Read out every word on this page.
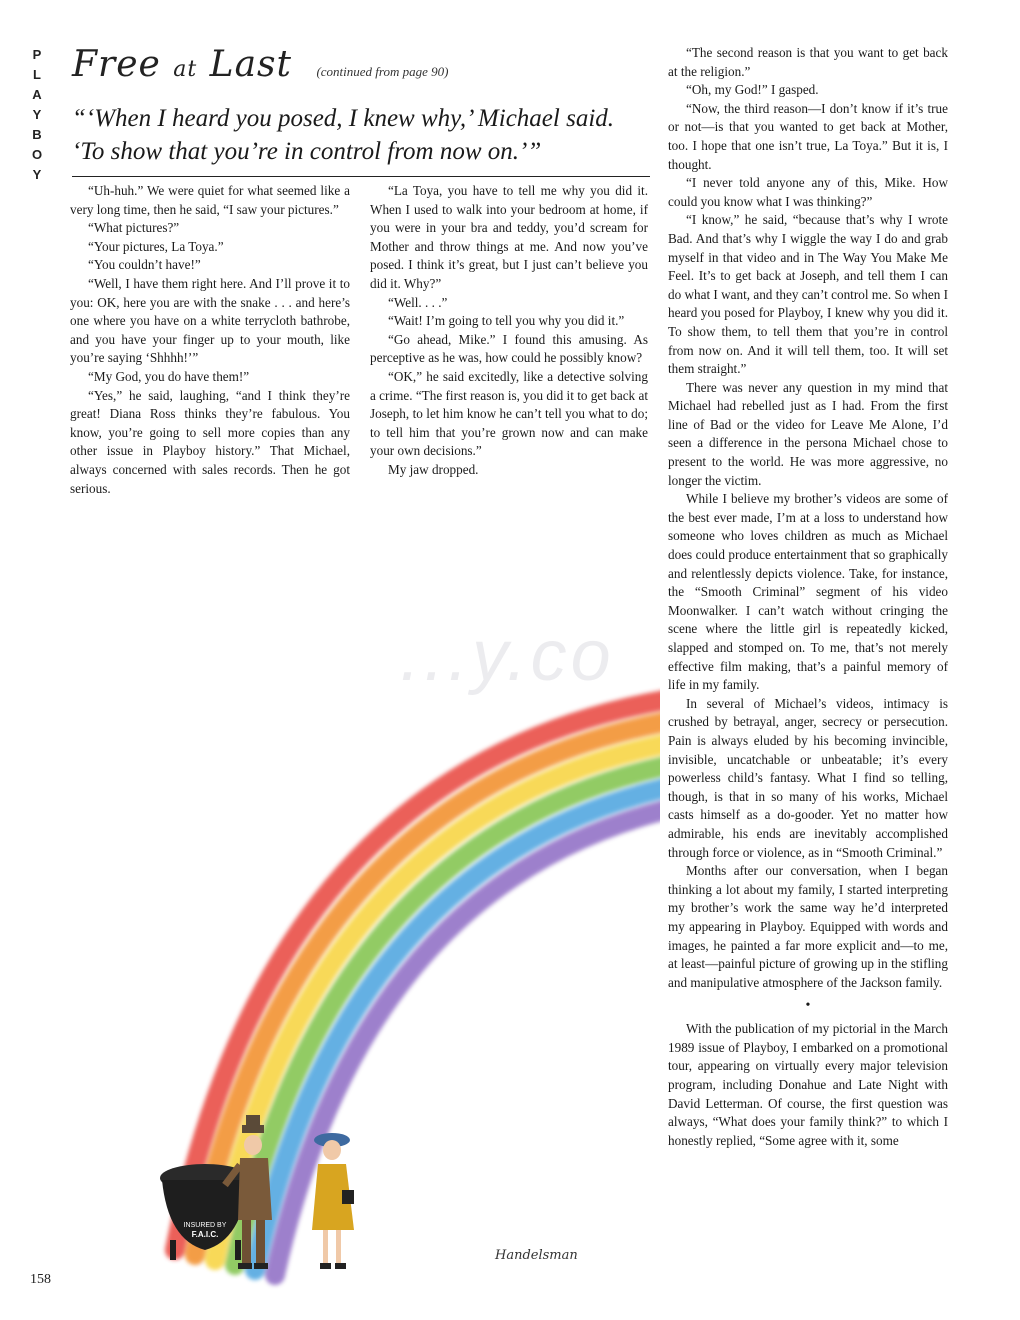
P
L
A
Y
B
O
Y
Free at Last (continued from page 90)
“‘When I heard you posed, I knew why,’ Michael said. ‘To show that you’re in control from now on.’”

“Uh-huh.” We were quiet for what seemed like a very long time, then he said, “I saw your pictures.”

“What pictures?”

“Your pictures, La Toya.”

“You couldn’t have!”

“Well, I have them right here. And I’ll prove it to you: OK, here you are with the snake . . . and here’s one where you have on a white terrycloth bathrobe, and you have your finger up to your mouth, like you’re saying ‘Shhhh!’”

“My God, you do have them!”

“Yes,” he said, laughing, “and I think they’re great! Diana Ross thinks they’re fabulous. You know, you’re going to sell more copies than any other issue in Playboy history.” That Michael, always concerned with sales records. Then he got serious.

“La Toya, you have to tell me why you did it. When I used to walk into your bedroom at home, if you were in your bra and teddy, you’d scream for Mother and throw things at me. And now you’ve posed. I think it’s great, but I just can’t believe you did it. Why?”

“Well. . . .”

“Wait! I’m going to tell you why you did it.”

“Go ahead, Mike.” I found this amusing. As perceptive as he was, how could he possibly know?

“OK,” he said excitedly, like a detective solving a crime. “The first reason is, you did it to get back at Joseph, to let him know he can’t tell you what to do; to tell him that you’re grown now and can make your own decisions.”

My jaw dropped.

“The second reason is that you want to get back at the religion.”

“Oh, my God!” I gasped.

“Now, the third reason—I don’t know if it’s true or not—is that you wanted to get back at Mother, too. I hope that one isn’t true, La Toya.” But it is, I thought.

“I never told anyone any of this, Mike. How could you know what I was thinking?”

“I know,” he said, “because that’s why I wrote Bad. And that’s why I wiggle the way I do and grab myself in that video and in The Way You Make Me Feel. It’s to get back at Joseph, and tell them I can do what I want, and they can’t control me. So when I heard you posed for Playboy, I knew why you did it. To show them, to tell them that you’re in control from now on. And it will tell them, too. It will set them straight.”

There was never any question in my mind that Michael had rebelled just as I had. From the first line of Bad or the video for Leave Me Alone, I’d seen a difference in the persona Michael chose to present to the world. He was more aggressive, no longer the victim.

While I believe my brother’s videos are some of the best ever made, I’m at a loss to understand how someone who loves children as much as Michael does could produce entertainment that so graphically and relentlessly depicts violence. Take, for instance, the “Smooth Criminal” segment of his video Moonwalker. I can’t watch without cringing the scene where the little girl is repeatedly kicked, slapped and stomped on. To me, that’s not merely effective film making, that’s a painful memory of life in my family.

In several of Michael’s videos, intimacy is crushed by betrayal, anger, secrecy or persecution. Pain is always eluded by his becoming invincible, invisible, uncatchable or unbeatable; it’s every powerless child’s fantasy. What I find so telling, though, is that in so many of his works, Michael casts himself as a do-gooder. Yet no matter how admirable, his ends are inevitably accomplished through force or violence, as in “Smooth Criminal.”

Months after our conversation, when I began thinking a lot about my family, I started interpreting my brother’s work the same way he’d interpreted my appearing in Playboy. Equipped with words and images, he painted a far more explicit and—to me, at least—painful picture of growing up in the stifling and manipulative atmosphere of the Jackson family.

•

With the publication of my pictorial in the March 1989 issue of Playboy, I embarked on a promotional tour, appearing on virtually every major television program, including Donahue and Late Night with David Letterman. Of course, the first question was always, “What does your family think?” to which I honestly replied, “Some agree with it, some

INSURED BY
F.A.I.C.
...y.co
Handelsman
158
